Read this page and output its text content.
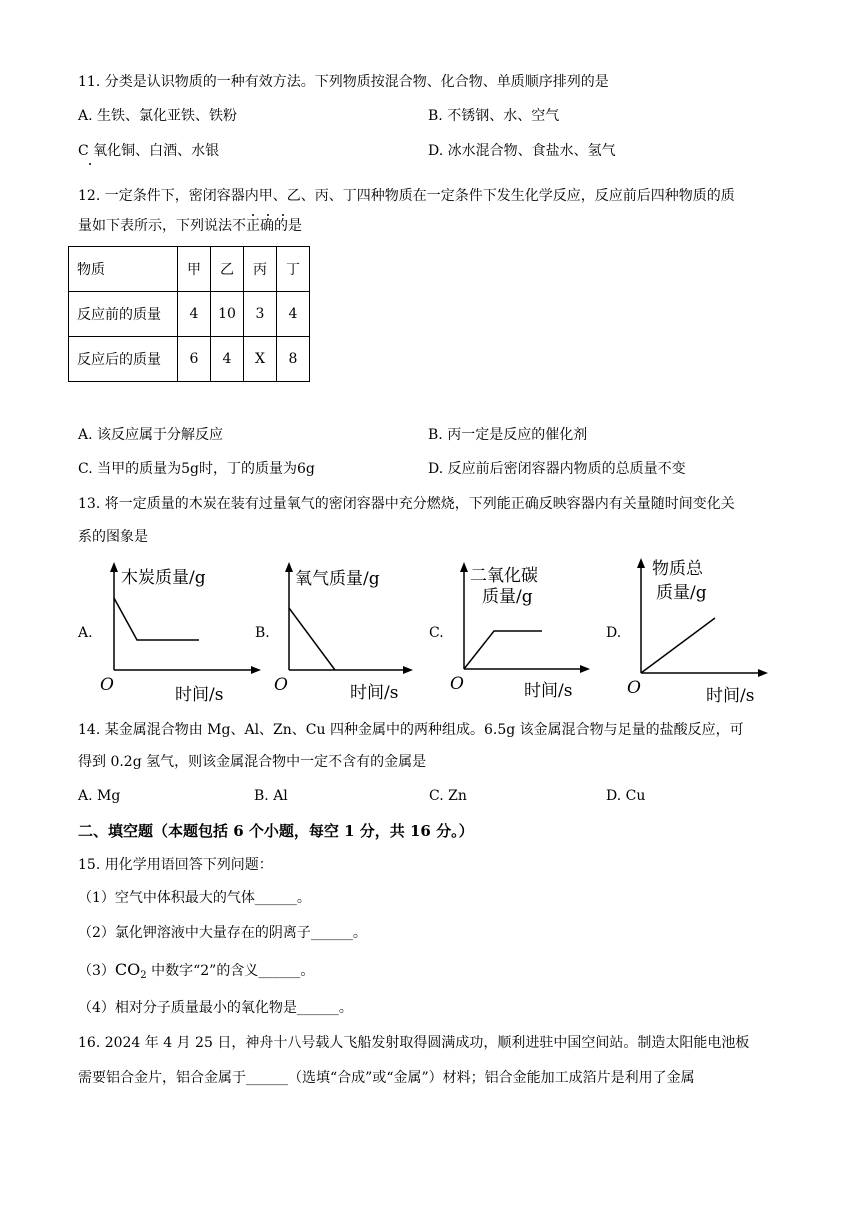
11. 分类是认识物质的一种有效方法。下列物质按混合物、化合物、单质顺序排列的是
A. 生铁、氯化亚铁、铁粉	B. 不锈钢、水、空气
C 氧化铜、白酒、水银	D. 冰水混合物、食盐水、氢气
12. 一定条件下，密闭容器内甲、乙、丙、丁四种物质在一定条件下发生化学反应，反应前后四种物质的质
量如下表所示，下列说法不正确的是
物质	甲	乙	丙	丁
反应前的质量	4	10	3	4
反应后的质量	6	4	X	8
A. 该反应属于分解反应	B. 丙一定是反应的催化剂
C. 当甲的质量为5g时，丁的质量为6g	D. 反应前后密闭容器内物质的总质量不变
13. 将一定质量的木炭在装有过量氧气的密闭容器中充分燃烧，下列能正确反映容器内有关量随时间变化关
系的图象是
A.
木炭质量/g
O	时间/s
B.
氧气质量/g
O	时间/s
C.
二氧化碳
质量/g
O	时间/s
D.
物质总
质量/g
O	时间/s
14. 某金属混合物由 Mg、Al、Zn、Cu 四种金属中的两种组成。6.5g 该金属混合物与足量的盐酸反应，可
得到 0.2g 氢气，则该金属混合物中一定不含有的金属是
A. Mg	B. Al	C. Zn	D. Cu
二、填空题（本题包括 6 个小题，每空 1 分，共 16 分。）
15. 用化学用语回答下列问题：
（1）空气中体积最大的气体______。
（2）氯化钾溶液中大量存在的阴离子______。
$(3)CO_2$ 中数字“2”的含义______。
（4）相对分子质量最小的氧化物是______。
16. 2024 年 4 月 25 日，神舟十八号载人飞船发射取得圆满成功，顺利进驻中国空间站。制造太阳能电池板
需要铝合金片，铝合金属于______（选填“合成”或“金属”）材料；铝合金能加工成箔片是利用了金属
